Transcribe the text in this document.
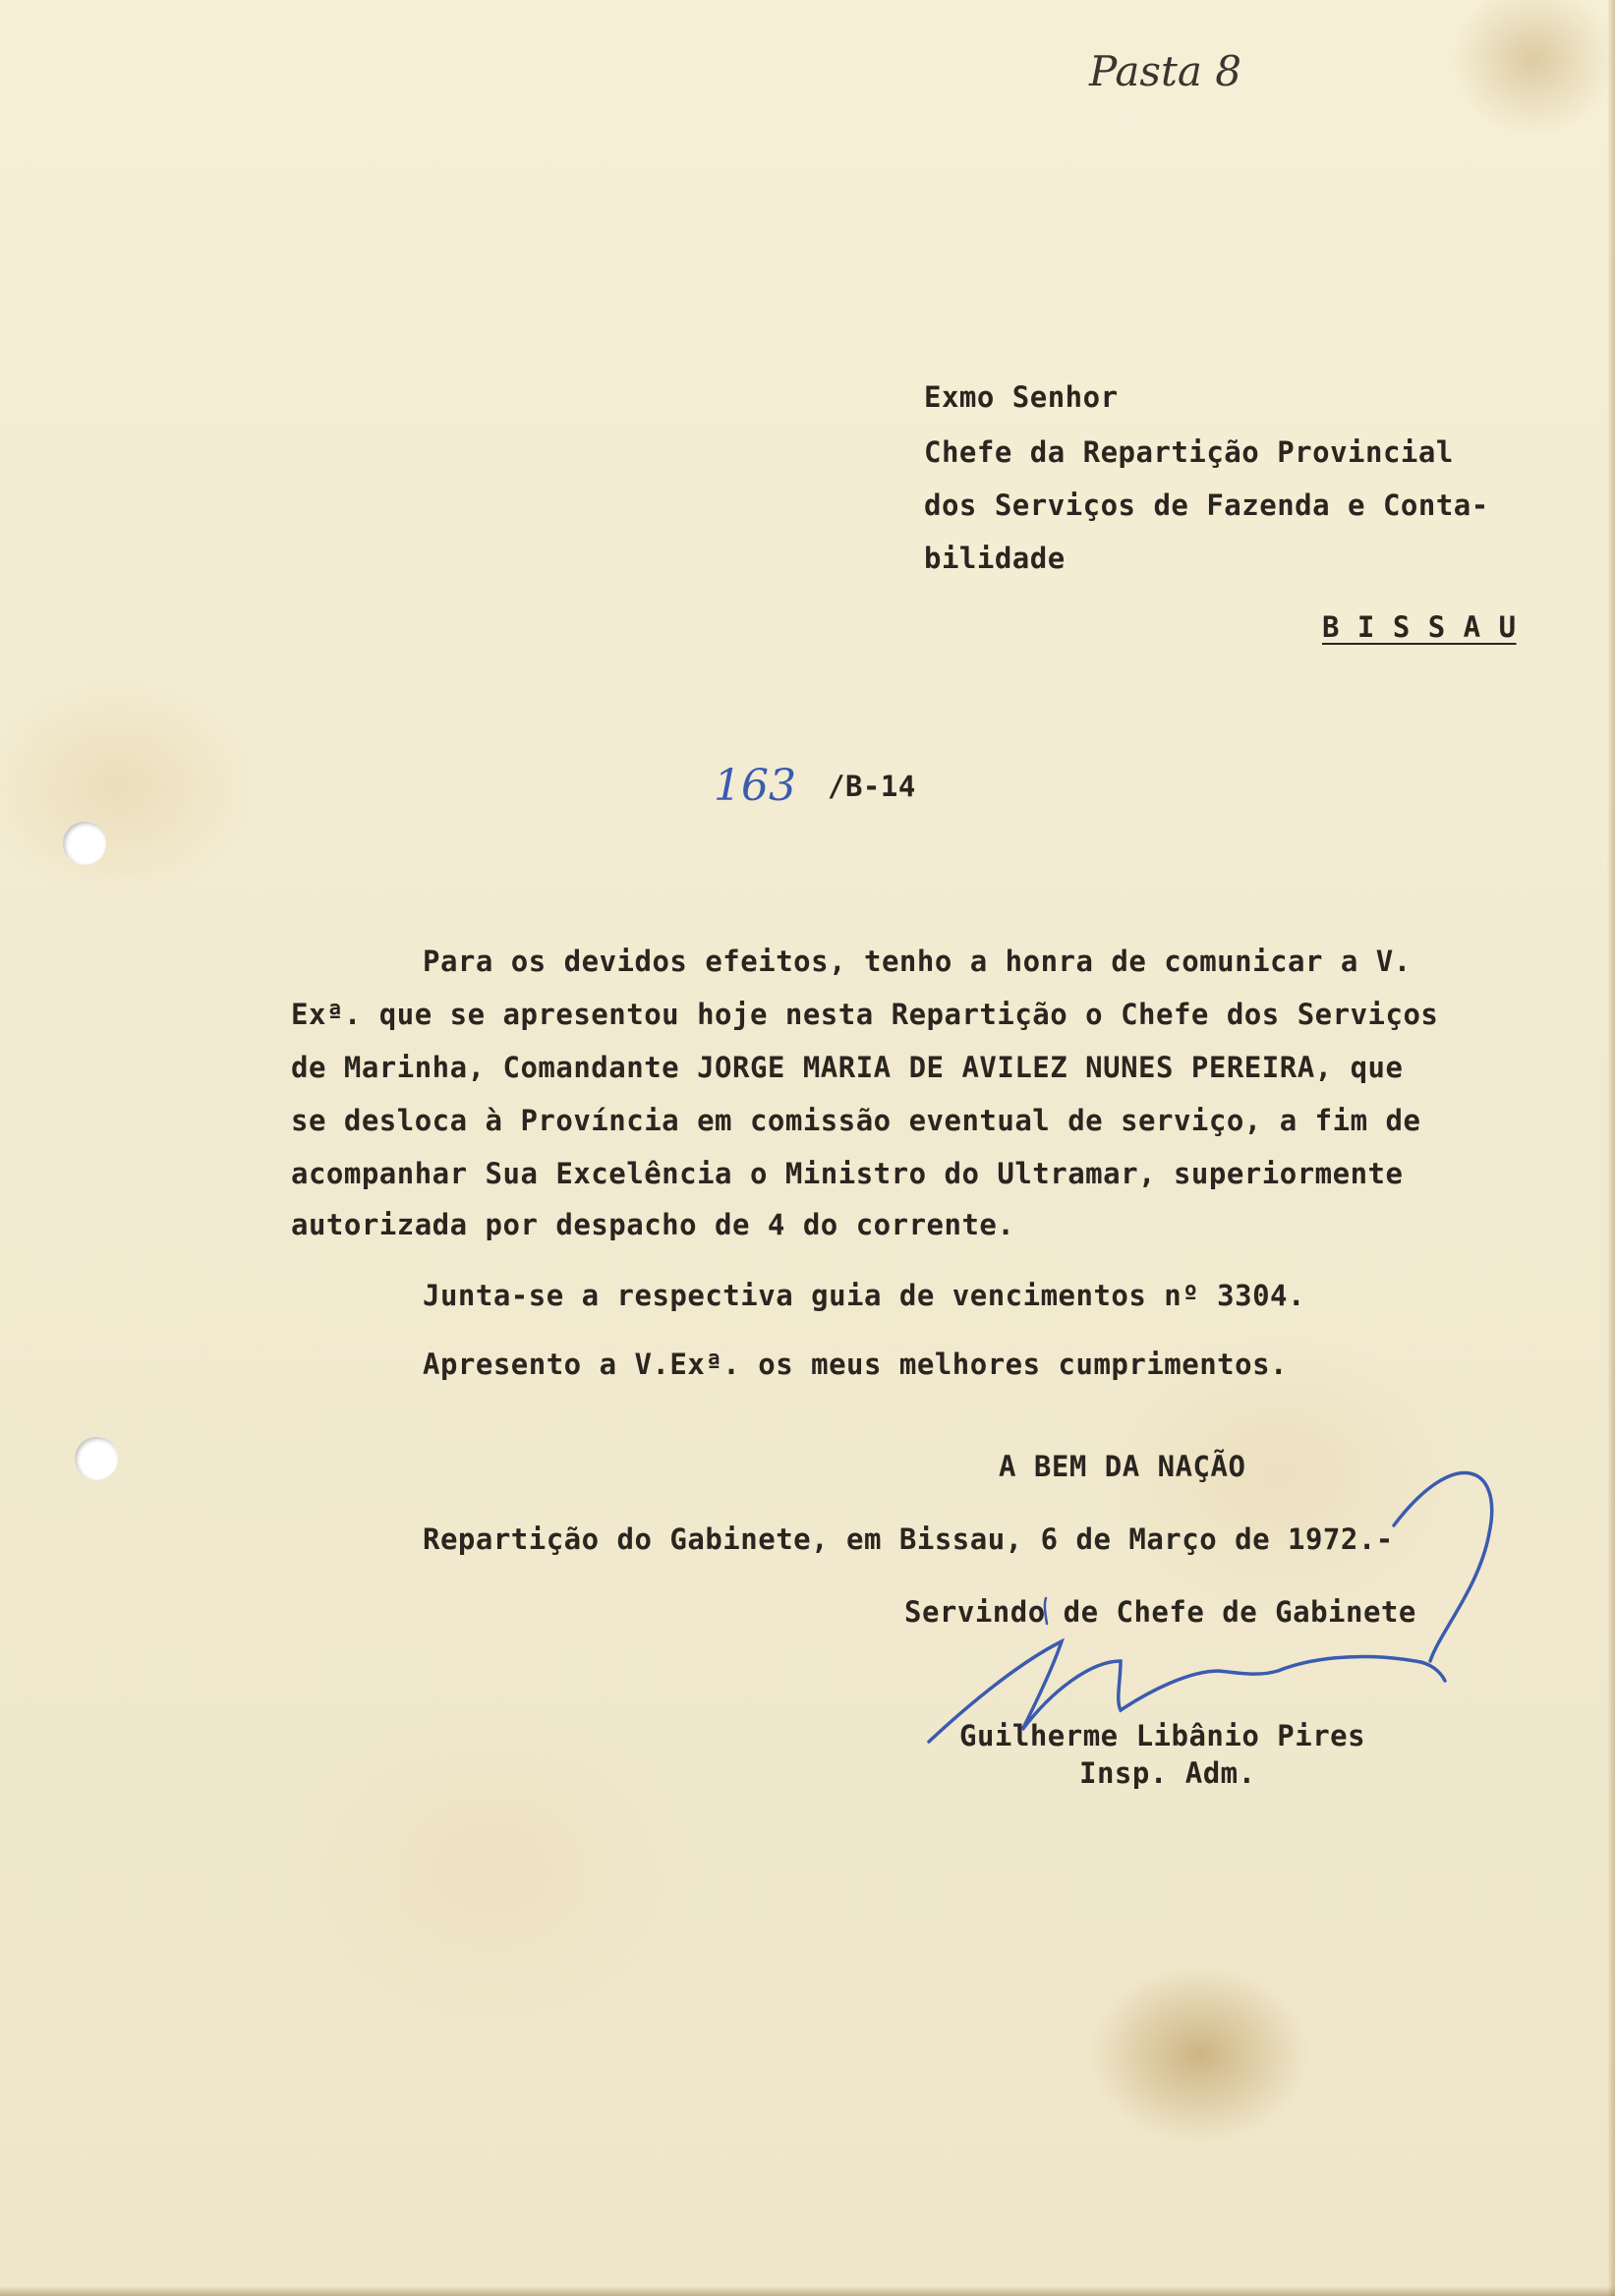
Pasta 8
Exmo Senhor
Chefe da Repartição Provincial
dos Serviços de Fazenda e Conta-
bilidade
B I S S A U
163 /B-14
Para os devidos efeitos, tenho a honra de comunicar a V.
Exª. que se apresentou hoje nesta Repartição o Chefe dos Serviços
de Marinha, Comandante JORGE MARIA DE AVILEZ NUNES PEREIRA, que
se desloca à Província em comissão eventual de serviço, a fim de
acompanhar Sua Excelência o Ministro do Ultramar, superiormente
autorizada por despacho de 4 do corrente.
Junta-se a respectiva guia de vencimentos nº 3304.
Apresento a V.Exª. os meus melhores cumprimentos.
A BEM DA NAÇÃO
Repartição do Gabinete, em Bissau, 6 de Março de 1972.-
Servindo de Chefe de Gabinete
Guilherme Libânio Pires
Insp. Adm.
